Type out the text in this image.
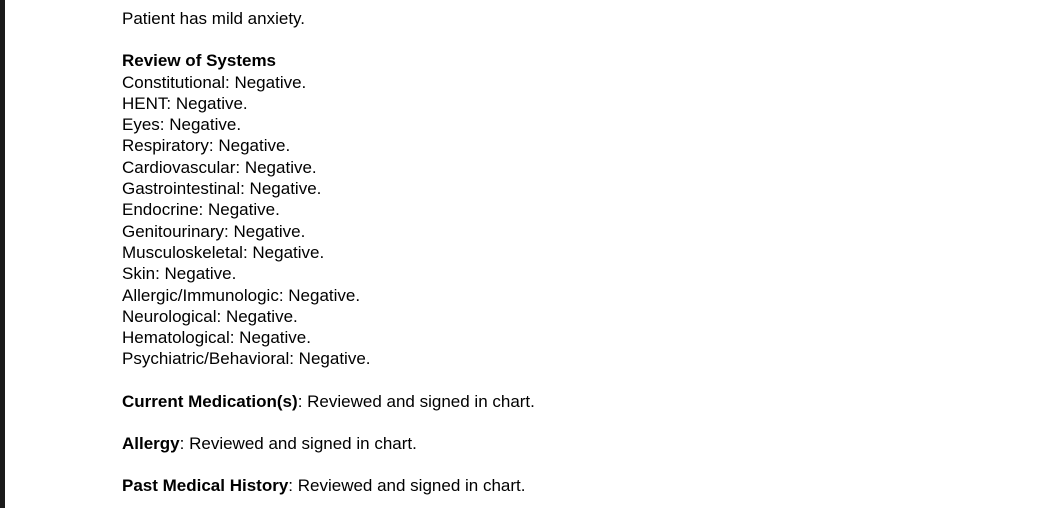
Patient has mild anxiety.

Review of Systems
Constitutional: Negative.
HENT: Negative.
Eyes: Negative.
Respiratory: Negative.
Cardiovascular: Negative.
Gastrointestinal: Negative.
Endocrine: Negative.
Genitourinary: Negative.
Musculoskeletal: Negative.
Skin: Negative.
Allergic/Immunologic: Negative.
Neurological: Negative.
Hematological: Negative.
Psychiatric/Behavioral: Negative.

Current Medication(s): Reviewed and signed in chart.

Allergy: Reviewed and signed in chart.

Past Medical History: Reviewed and signed in chart.
